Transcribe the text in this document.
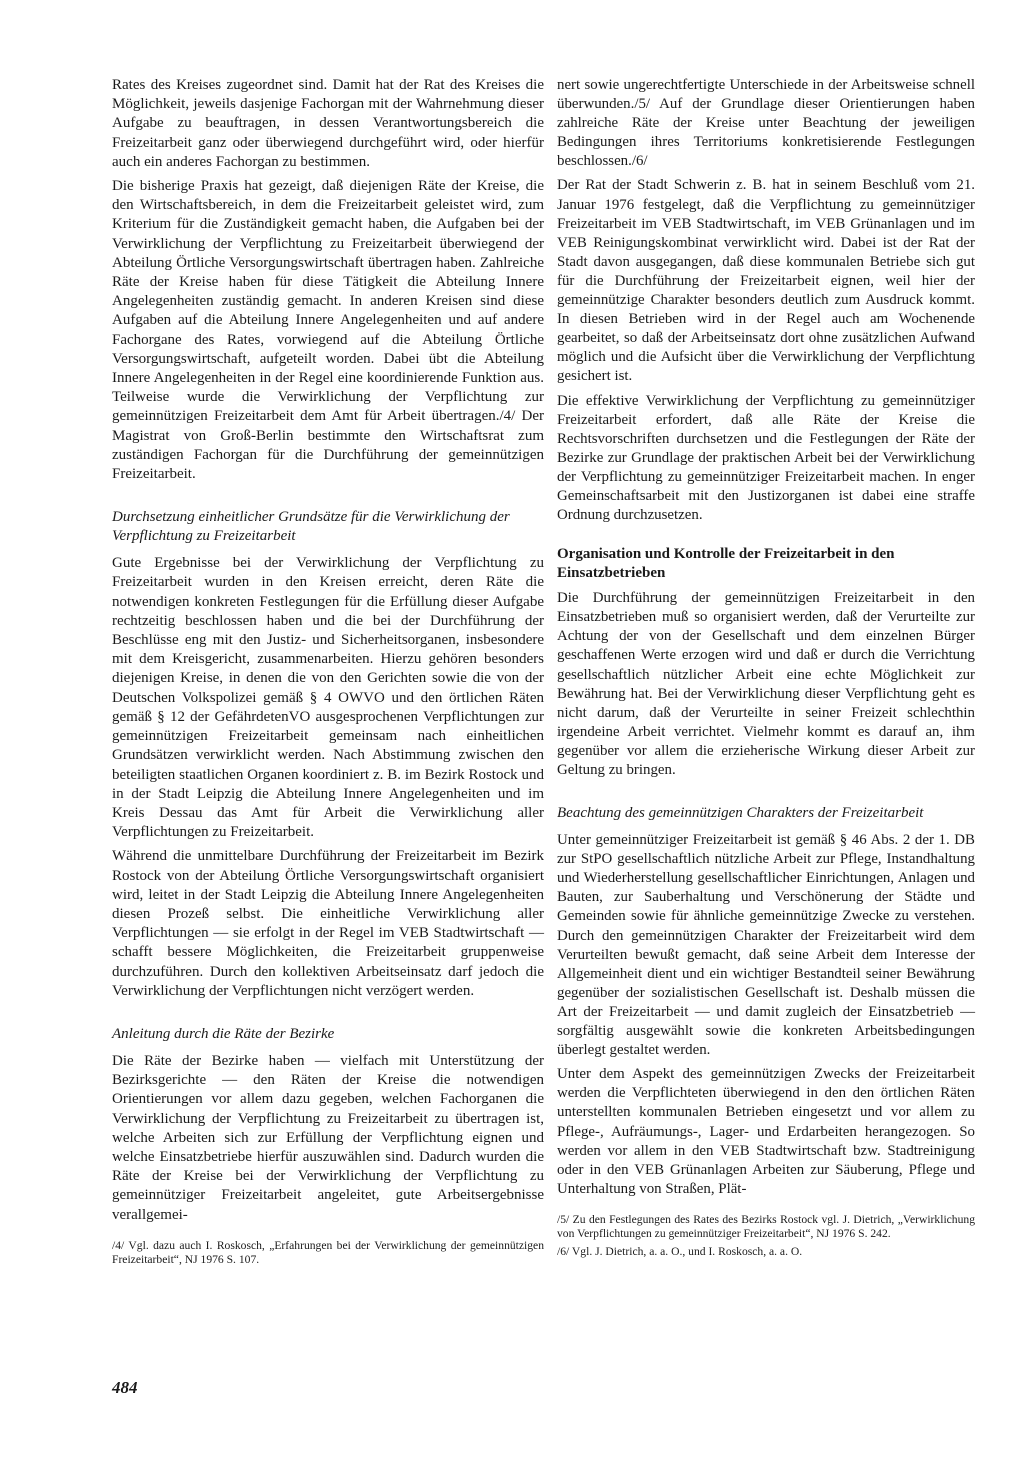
Rates des Kreises zugeordnet sind. Damit hat der Rat des Kreises die Möglichkeit, jeweils dasjenige Fachorgan mit der Wahrnehmung dieser Aufgabe zu beauftragen, in dessen Verantwortungsbereich die Freizeitarbeit ganz oder überwiegend durchgeführt wird, oder hierfür auch ein anderes Fachorgan zu bestimmen.

Die bisherige Praxis hat gezeigt, daß diejenigen Räte der Kreise, die den Wirtschaftsbereich, in dem die Freizeitarbeit geleistet wird, zum Kriterium für die Zuständigkeit gemacht haben, die Aufgaben bei der Verwirklichung der Verpflichtung zu Freizeitarbeit überwiegend der Abteilung Örtliche Versorgungswirtschaft übertragen haben. Zahlreiche Räte der Kreise haben für diese Tätigkeit die Abteilung Innere Angelegenheiten zuständig gemacht. In anderen Kreisen sind diese Aufgaben auf die Abteilung Innere Angelegenheiten und auf andere Fachorgane des Rates, vorwiegend auf die Abteilung Örtliche Versorgungswirtschaft, aufgeteilt worden. Dabei übt die Abteilung Innere Angelegenheiten in der Regel eine koordinierende Funktion aus. Teilweise wurde die Verwirklichung der Verpflichtung zur gemeinnützigen Freizeitarbeit dem Amt für Arbeit übertragen./4/ Der Magistrat von Groß-Berlin bestimmte den Wirtschaftsrat zum zuständigen Fachorgan für die Durchführung der gemeinnützigen Freizeitarbeit.

Durchsetzung einheitlicher Grundsätze für die Verwirklichung der Verpflichtung zu Freizeitarbeit

Gute Ergebnisse bei der Verwirklichung der Verpflichtung zu Freizeitarbeit wurden in den Kreisen erreicht, deren Räte die notwendigen konkreten Festlegungen für die Erfüllung dieser Aufgabe rechtzeitig beschlossen haben und die bei der Durchführung der Beschlüsse eng mit den Justiz- und Sicherheitsorganen, insbesondere mit dem Kreisgericht, zusammenarbeiten. Hierzu gehören besonders diejenigen Kreise, in denen die von den Gerichten sowie die von der Deutschen Volkspolizei gemäß § 4 OWVO und den örtlichen Räten gemäß § 12 der GefährdetenVO ausgesprochenen Verpflichtungen zur gemeinnützigen Freizeitarbeit gemeinsam nach einheitlichen Grundsätzen verwirklicht werden. Nach Abstimmung zwischen den beteiligten staatlichen Organen koordiniert z. B. im Bezirk Rostock und in der Stadt Leipzig die Abteilung Innere Angelegenheiten und im Kreis Dessau das Amt für Arbeit die Verwirklichung aller Verpflichtungen zu Freizeitarbeit.

Während die unmittelbare Durchführung der Freizeitarbeit im Bezirk Rostock von der Abteilung Örtliche Versorgungswirtschaft organisiert wird, leitet in der Stadt Leipzig die Abteilung Innere Angelegenheiten diesen Prozeß selbst. Die einheitliche Verwirklichung aller Verpflichtungen — sie erfolgt in der Regel im VEB Stadtwirtschaft — schafft bessere Möglichkeiten, die Freizeitarbeit gruppenweise durchzuführen. Durch den kollektiven Arbeitseinsatz darf jedoch die Verwirklichung der Verpflichtungen nicht verzögert werden.

Anleitung durch die Räte der Bezirke

Die Räte der Bezirke haben — vielfach mit Unterstützung der Bezirksgerichte — den Räten der Kreise die notwendigen Orientierungen vor allem dazu gegeben, welchen Fachorganen die Verwirklichung der Verpflichtung zu Freizeitarbeit zu übertragen ist, welche Arbeiten sich zur Erfüllung der Verpflichtung eignen und welche Einsatzbetriebe hierfür auszuwählen sind. Dadurch wurden die Räte der Kreise bei der Verwirklichung der Verpflichtung zu gemeinnütziger Freizeitarbeit angeleitet, gute Arbeitsergebnisse verallgemei-

/4/ Vgl. dazu auch I. Roskosch, „Erfahrungen bei der Verwirklichung der gemeinnützigen Freizeitarbeit“, NJ 1976 S. 107.

nert sowie ungerechtfertigte Unterschiede in der Arbeitsweise schnell überwunden./5/ Auf der Grundlage dieser Orientierungen haben zahlreiche Räte der Kreise unter Beachtung der jeweiligen Bedingungen ihres Territoriums konkretisierende Festlegungen beschlossen./6/

Der Rat der Stadt Schwerin z. B. hat in seinem Beschluß vom 21. Januar 1976 festgelegt, daß die Verpflichtung zu gemeinnütziger Freizeitarbeit im VEB Stadtwirtschaft, im VEB Grünanlagen und im VEB Reinigungskombinat verwirklicht wird. Dabei ist der Rat der Stadt davon ausgegangen, daß diese kommunalen Betriebe sich gut für die Durchführung der Freizeitarbeit eignen, weil hier der gemeinnützige Charakter besonders deutlich zum Ausdruck kommt. In diesen Betrieben wird in der Regel auch am Wochenende gearbeitet, so daß der Arbeitseinsatz dort ohne zusätzlichen Aufwand möglich und die Aufsicht über die Verwirklichung der Verpflichtung gesichert ist.

Die effektive Verwirklichung der Verpflichtung zu gemeinnütziger Freizeitarbeit erfordert, daß alle Räte der Kreise die Rechtsvorschriften durchsetzen und die Festlegungen der Räte der Bezirke zur Grundlage der praktischen Arbeit bei der Verwirklichung der Verpflichtung zu gemeinnütziger Freizeitarbeit machen. In enger Gemeinschaftsarbeit mit den Justizorganen ist dabei eine straffe Ordnung durchzusetzen.

Organisation und Kontrolle der Freizeitarbeit in den Einsatzbetrieben

Die Durchführung der gemeinnützigen Freizeitarbeit in den Einsatzbetrieben muß so organisiert werden, daß der Verurteilte zur Achtung der von der Gesellschaft und dem einzelnen Bürger geschaffenen Werte erzogen wird und daß er durch die Verrichtung gesellschaftlich nützlicher Arbeit eine echte Möglichkeit zur Bewährung hat. Bei der Verwirklichung dieser Verpflichtung geht es nicht darum, daß der Verurteilte in seiner Freizeit schlechthin irgendeine Arbeit verrichtet. Vielmehr kommt es darauf an, ihm gegenüber vor allem die erzieherische Wirkung dieser Arbeit zur Geltung zu bringen.

Beachtung des gemeinnützigen Charakters der Freizeitarbeit

Unter gemeinnütziger Freizeitarbeit ist gemäß § 46 Abs. 2 der 1. DB zur StPO gesellschaftlich nützliche Arbeit zur Pflege, Instandhaltung und Wiederherstellung gesellschaftlicher Einrichtungen, Anlagen und Bauten, zur Sauberhaltung und Verschönerung der Städte und Gemeinden sowie für ähnliche gemeinnützige Zwecke zu verstehen. Durch den gemeinnützigen Charakter der Freizeitarbeit wird dem Verurteilten bewußt gemacht, daß seine Arbeit dem Interesse der Allgemeinheit dient und ein wichtiger Bestandteil seiner Bewährung gegenüber der sozialistischen Gesellschaft ist. Deshalb müssen die Art der Freizeitarbeit — und damit zugleich der Einsatzbetrieb — sorgfältig ausgewählt sowie die konkreten Arbeitsbedingungen überlegt gestaltet werden.

Unter dem Aspekt des gemeinnützigen Zwecks der Freizeitarbeit werden die Verpflichteten überwiegend in den den örtlichen Räten unterstellten kommunalen Betrieben eingesetzt und vor allem zu Pflege-, Aufräumungs-, Lager- und Erdarbeiten herangezogen. So werden vor allem in den VEB Stadtwirtschaft bzw. Stadtreinigung oder in den VEB Grünanlagen Arbeiten zur Säuberung, Pflege und Unterhaltung von Straßen, Plät-

/5/ Zu den Festlegungen des Rates des Bezirks Rostock vgl. J. Dietrich, „Verwirklichung von Verpflichtungen zu gemeinnütziger Freizeitarbeit“, NJ 1976 S. 242.

/6/ Vgl. J. Dietrich, a. a. O., und I. Roskosch, a. a. O.

484
